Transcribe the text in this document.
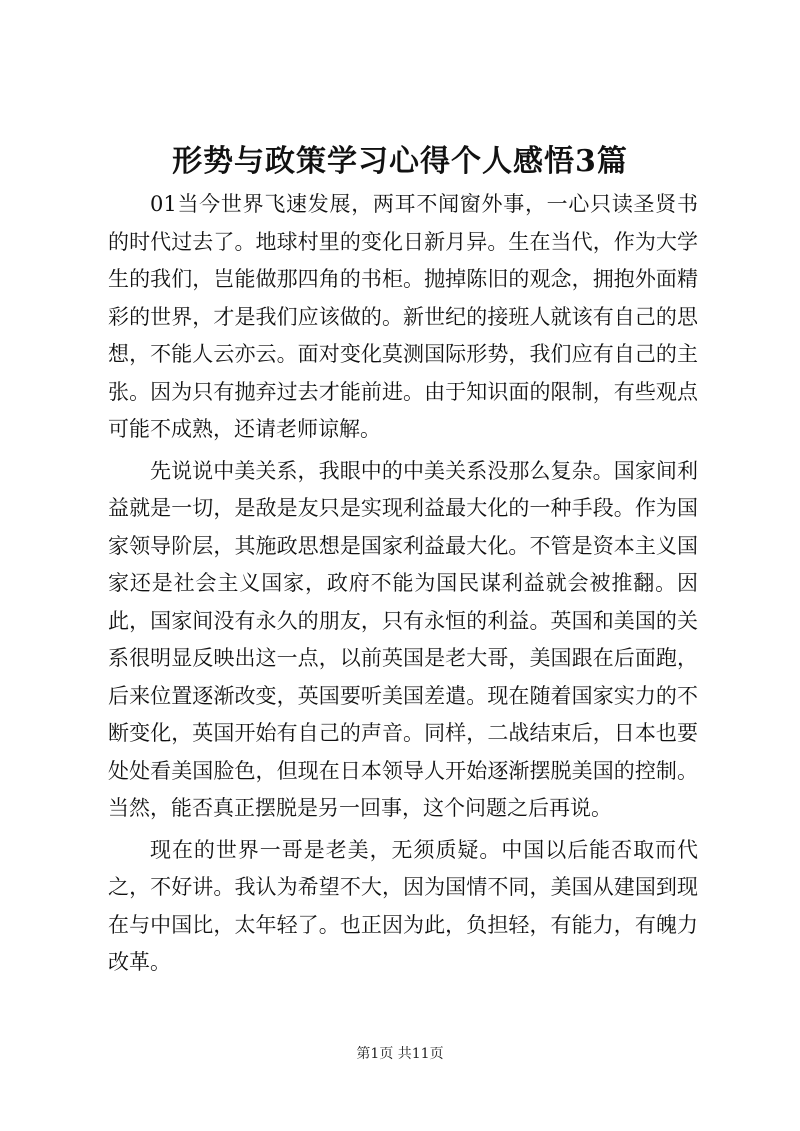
形势与政策学习心得个人感悟3篇

01当今世界飞速发展，两耳不闻窗外事，一心只读圣贤书的时代过去了。地球村里的变化日新月异。生在当代，作为大学生的我们，岂能做那四角的书柜。抛掉陈旧的观念，拥抱外面精彩的世界，才是我们应该做的。新世纪的接班人就该有自己的思想，不能人云亦云。面对变化莫测国际形势，我们应有自己的主张。因为只有抛弃过去才能前进。由于知识面的限制，有些观点可能不成熟，还请老师谅解。

先说说中美关系，我眼中的中美关系没那么复杂。国家间利益就是一切，是敌是友只是实现利益最大化的一种手段。作为国家领导阶层，其施政思想是国家利益最大化。不管是资本主义国家还是社会主义国家，政府不能为国民谋利益就会被推翻。因此，国家间没有永久的朋友，只有永恒的利益。英国和美国的关系很明显反映出这一点，以前英国是老大哥，美国跟在后面跑，后来位置逐渐改变，英国要听美国差遣。现在随着国家实力的不断变化，英国开始有自己的声音。同样，二战结束后，日本也要处处看美国脸色，但现在日本领导人开始逐渐摆脱美国的控制。当然，能否真正摆脱是另一回事，这个问题之后再说。

现在的世界一哥是老美，无须质疑。中国以后能否取而代之，不好讲。我认为希望不大，因为国情不同，美国从建国到现在与中国比，太年轻了。也正因为此，负担轻，有能力，有魄力改革。

第1页 共11页
